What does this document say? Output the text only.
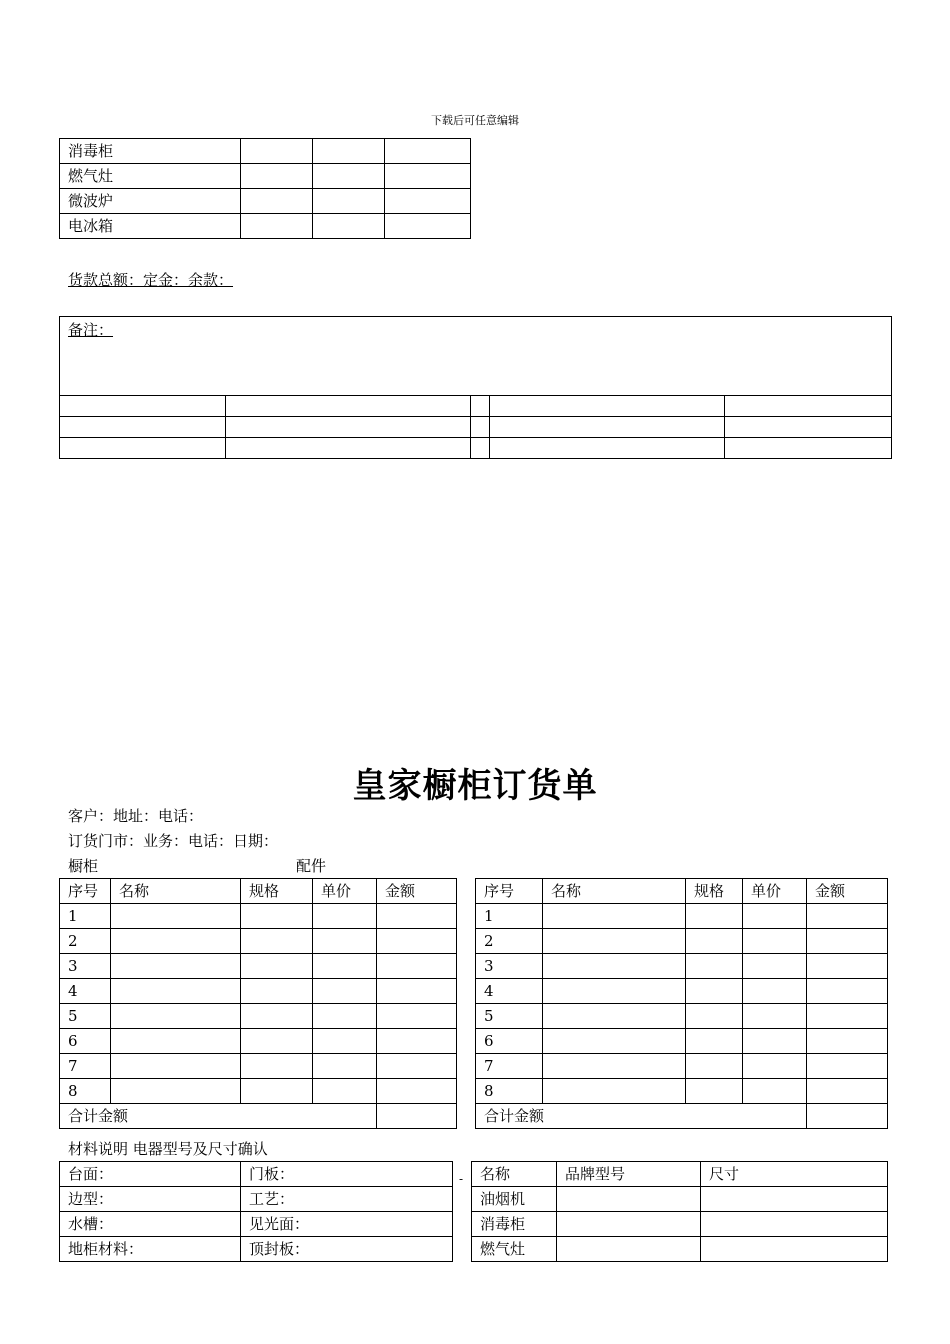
下载后可任意编辑
消毒柜			
燃气灶			
微波炉			
电冰箱			
货款总额：定金：余款：
备注：				

皇家橱柜订货单
客户：地址：电话：
订货门市：业务：电话：日期：
橱柜	配件
序号	名称	规格	单价	金额
1				
2				
3				
4				
5				
6				
7				
8				
合计金额				
序号	名称	规格	单价	金额
1				
2				
3				
4				
5				
6				
7				
8				
合计金额				
材料说明 电器型号及尺寸确认
台面：	门板：
边型：	工艺：
水槽：	见光面：
地柜材料：	顶封板：
- 名称	品牌型号	尺寸
油烟机		
消毒柜		
燃气灶		
